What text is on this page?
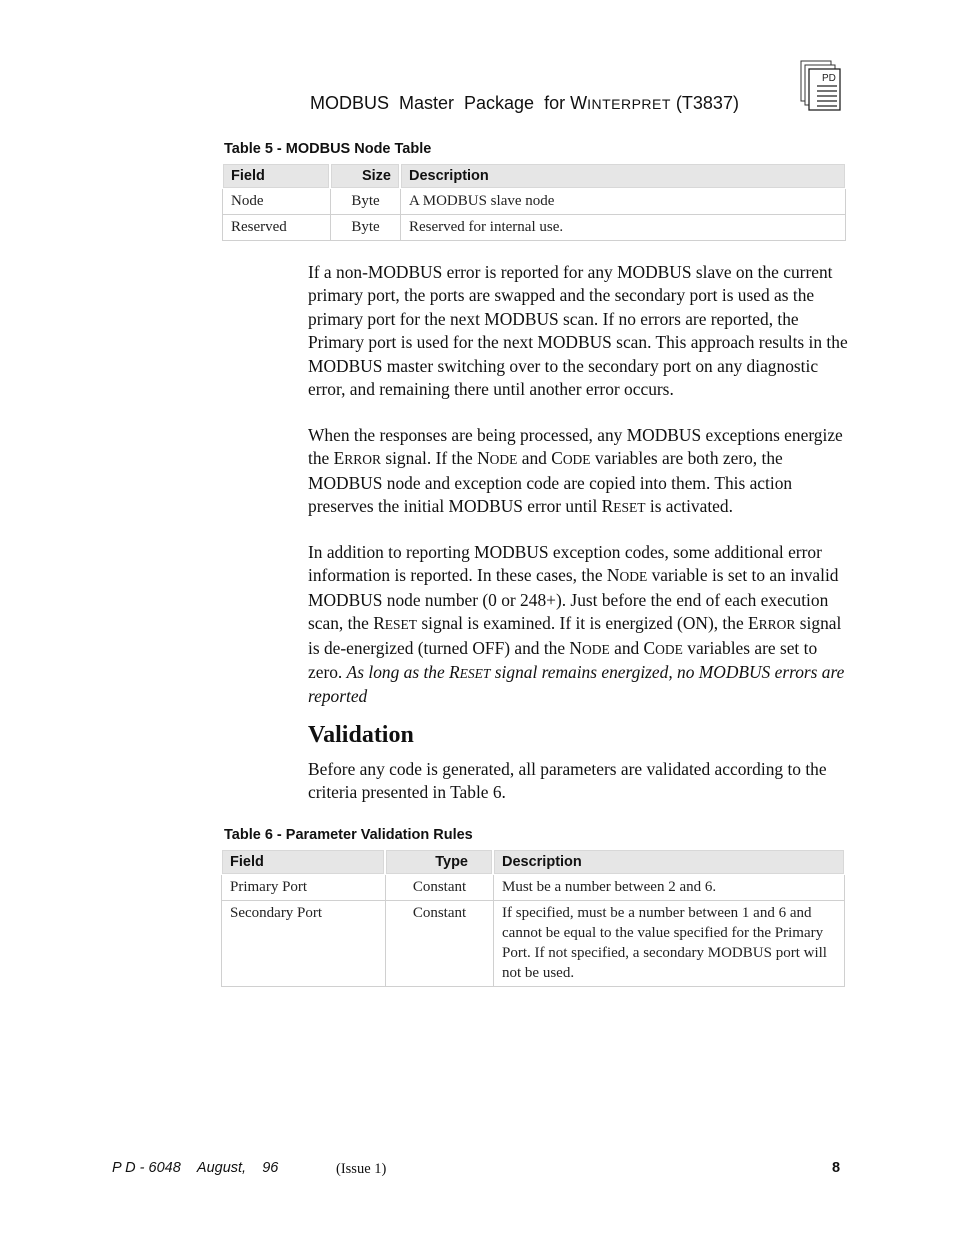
MODBUS  Master  Package  for WINTERPRET (T3837)
PD
Table 5 - MODBUS Node Table
Field	Size	Description
Node	Byte	A MODBUS slave node
Reserved	Byte	Reserved for internal use.

If a non-MODBUS error is reported for any MODBUS slave on the current primary port, the ports are swapped and the secondary port is used as the primary port for the next MODBUS scan. If no errors are reported, the Primary port is used for the next MODBUS scan. This approach results in the MODBUS master switching over to the secondary port on any diagnostic error, and remaining there until another error occurs.

When the responses are being processed, any MODBUS exceptions energize the ERROR signal. If the NODE and CODE variables are both zero, the MODBUS node and exception code are copied into them. This action preserves the initial MODBUS error until RESET is activated.

In addition to reporting MODBUS exception codes, some additional error information is reported. In these cases, the NODE variable is set to an invalid MODBUS node number (0 or 248+). Just before the end of each execution scan, the RESET signal is examined. If it is energized (ON), the ERROR signal is de-energized (turned OFF) and the NODE and CODE variables are set to zero. As long as the RESET signal remains energized, no MODBUS errors are reported

Validation

Before any code is generated, all parameters are validated according to the criteria presented in Table 6.

Table 6 - Parameter Validation Rules
Field	Type	Description
Primary Port	Constant	Must be a number between 2 and 6.
Secondary Port	Constant	If specified, must be a number between 1 and 6 and cannot be equal to the value specified for the Primary Port. If not specified, a secondary MODBUS port will not be used.
P D - 6048 August,    96	(Issue 1)	8
